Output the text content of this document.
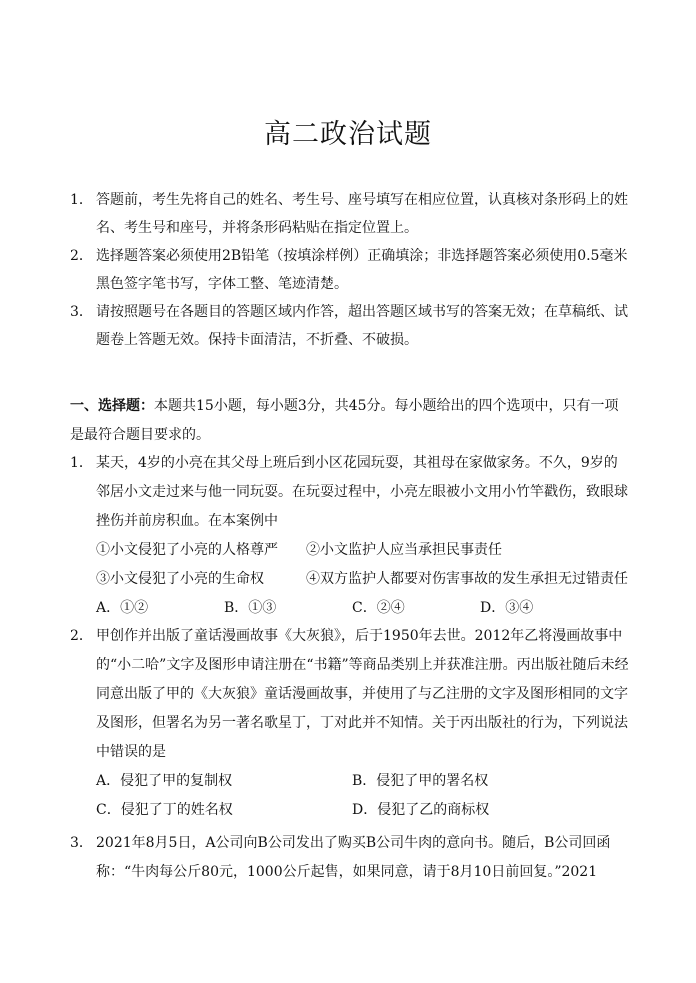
高二政治试题
1． 答题前，考生先将自己的姓名、考生号、座号填写在相应位置，认真核对条形码上的姓名、考生号和座号，并将条形码粘贴在指定位置上。
2． 选择题答案必须使用2B铅笔（按填涂样例）正确填涂；非选择题答案必须使用0.5毫米黑色签字笔书写，字体工整、笔迹清楚。
3． 请按照题号在各题目的答题区域内作答，超出答题区域书写的答案无效；在草稿纸、试题卷上答题无效。保持卡面清洁，不折叠、不破损。
一、选择题：本题共15小题，每小题3分，共45分。每小题给出的四个选项中，只有一项是最符合题目要求的。
1． 某天，4岁的小亮在其父母上班后到小区花园玩耍，其祖母在家做家务。不久，9岁的邻居小文走过来与他一同玩耍。在玩耍过程中，小亮左眼被小文用小竹竿戳伤，致眼球挫伤并前房积血。在本案例中
①小文侵犯了小亮的人格尊严	②小文监护人应当承担民事责任
③小文侵犯了小亮的生命权	④双方监护人都要对伤害事故的发生承担无过错责任
A．①②	B．①③	C．②④	D．③④
2． 甲创作并出版了童话漫画故事《大灰狼》，后于1950年去世。2012年乙将漫画故事中的“小二哈”文字及图形申请注册在“书籍”等商品类别上并获准注册。丙出版社随后未经同意出版了甲的《大灰狼》童话漫画故事，并使用了与乙注册的文字及图形相同的文字及图形，但署名为另一著名歌星丁，丁对此并不知情。关于丙出版社的行为，下列说法中错误的是
A．侵犯了甲的复制权	B．侵犯了甲的署名权
C．侵犯了丁的姓名权	D．侵犯了乙的商标权
3． 2021年8月5日，A公司向B公司发出了购买B公司牛肉的意向书。随后，B公司回函称：“牛肉每公斤80元，1000公斤起售，如果同意，请于8月10日前回复。”2021
